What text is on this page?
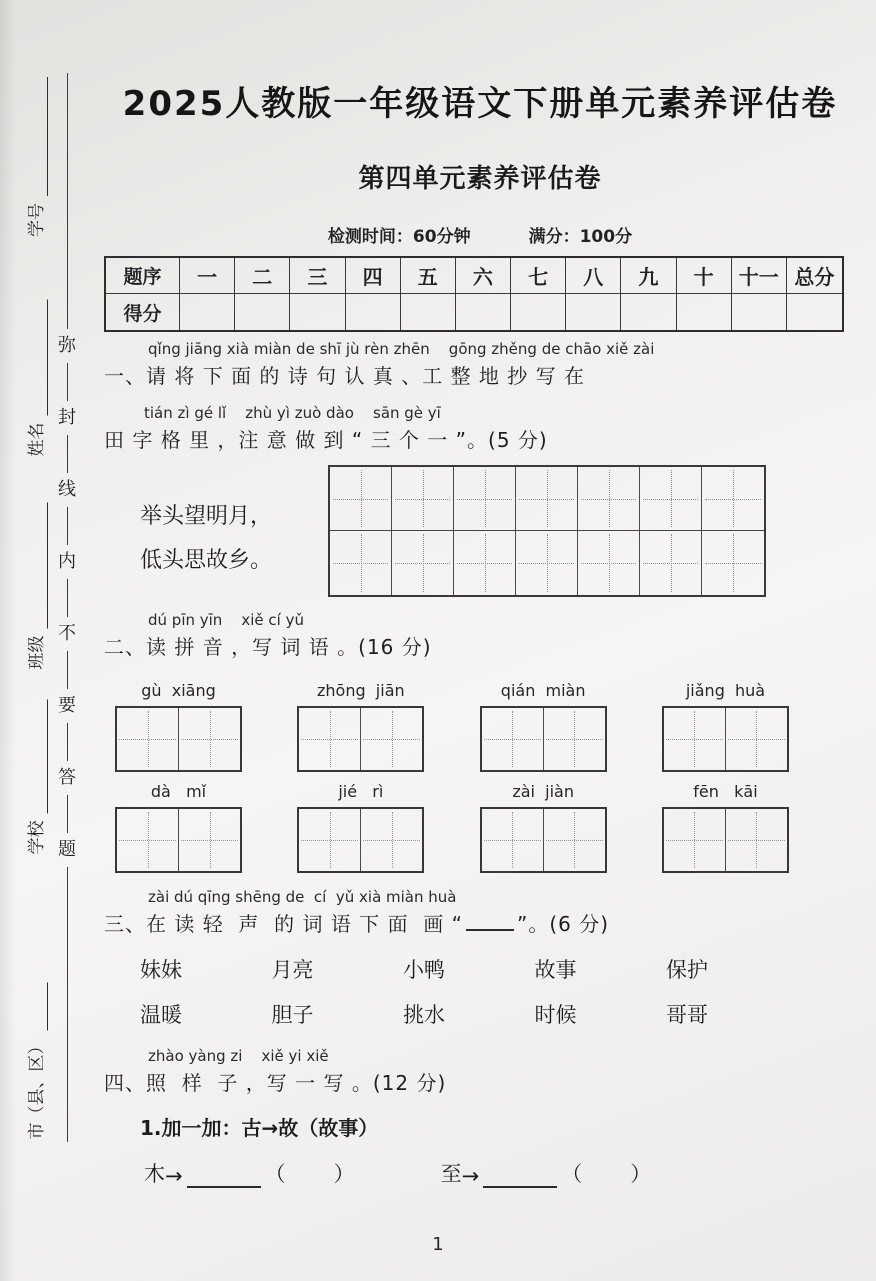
学号
姓名
班级
学校
市（县、区）
弥
封
线
内
不
要
答
题
2025人教版一年级语文下册单元素养评估卷
第四单元素养评估卷
检测时间：60分钟	满分：100分
题序	一	二	三	四	五	六	七	八	九	十	十一 总分
得分
qǐng jiāng xià miàn de shī jù rèn zhēn    gōng zhěng de chāo xiě zài
一、请 将 下 面 的 诗 句 认 真 、工 整 地 抄 写 在
tián zì gé lǐ    zhù yì zuò dào    sān gè yī
田 字 格 里 ，注 意 做 到 “ 三 个 一 ”。(5 分)
举头望明月，
低头思故乡。
dú pīn yīn    xiě cí yǔ
二、读 拼 音 ，写 词 语 。(16 分)
gù  xiāng	zhōng  jiān	qián  miàn	jiǎng  huà
dà   mǐ	jié   rì	zài  jiàn	fēn   kāi
zài dú qīng shēng de  cí  yǔ xià miàn huà
三、在 读 轻  声  的 词 语 下 面  画 “	”。(6 分)
妹妹	月亮	小鸭	故事	保护
温暖	胆子	挑水	时候	哥哥
zhào yàng zi    xiě yi xiě
四、照  样  子 ，写 一 写 。(12 分)
1.加一加：古→故（故事）
木 →	（ ）	至 →	（ ）
1
